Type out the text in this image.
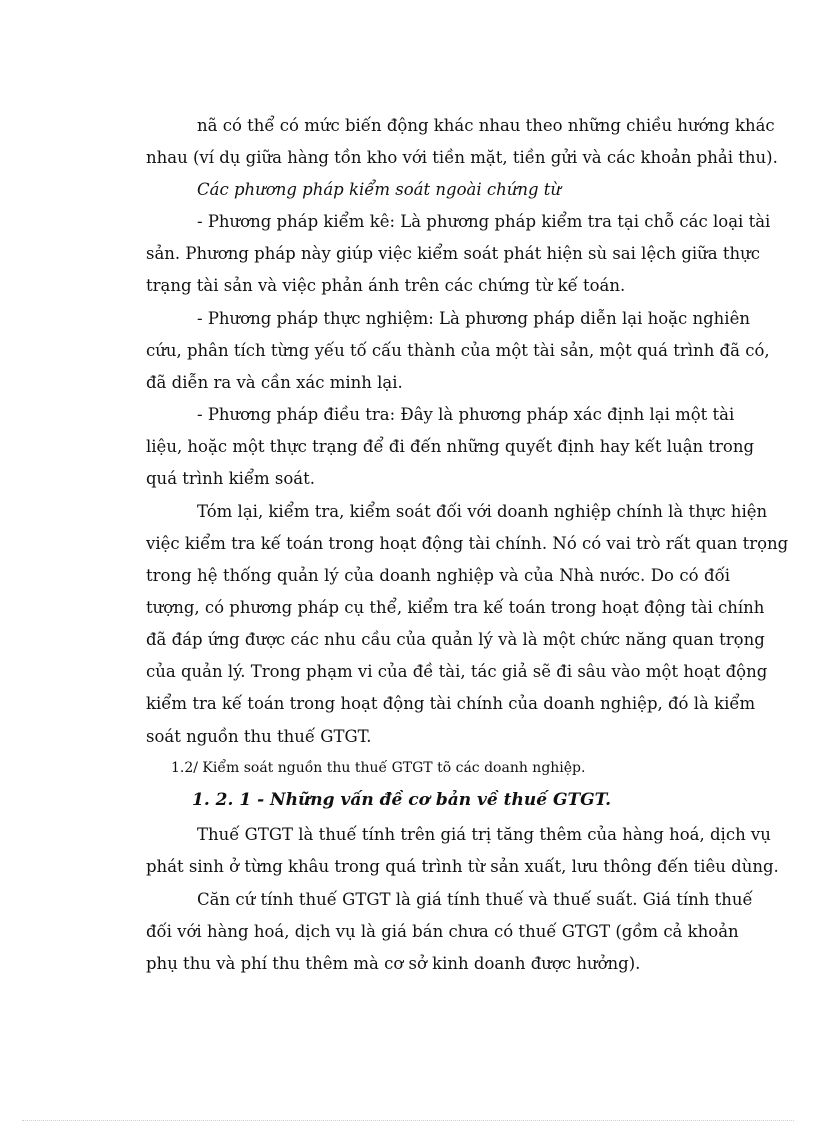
nã có thể có mức biến động khác nhau theo những chiều hướng khác
nhau (ví dụ giữa hàng tồn kho với tiền mặt, tiền gửi và các khoản phải thu).
Các phương pháp kiểm soát ngoài chứng từ
- Phương pháp kiểm kê: Là phương pháp kiểm tra tại chỗ các loại tài
sản. Phương pháp này giúp việc kiểm soát phát hiện sù sai lệch giữa thực
trạng tài sản và việc phản ánh trên các chứng từ kế toán.
- Phương pháp thực nghiệm: Là phương pháp diễn lại hoặc nghiên
cứu, phân tích từng yếu tố cấu thành của một tài sản, một quá trình đã có,
đã diễn ra và cần xác minh lại.
- Phương pháp điều tra: Đây là phương pháp xác định lại một tài
liệu, hoặc một thực trạng để đi đến những quyết định hay kết luận trong
quá trình kiểm soát.
Tóm lại, kiểm tra, kiểm soát đối với doanh nghiệp chính là thực hiện
việc kiểm tra kế toán trong hoạt động tài chính. Nó có vai trò rất quan trọng
trong hệ thống quản lý của doanh nghiệp và của Nhà nước. Do có đối
tượng, có phương pháp cụ thể, kiểm tra kế toán trong hoạt động tài chính
đã đáp ứng được các nhu cầu của quản lý và là một chức năng quan trọng
của quản lý. Trong phạm vi của đề tài, tác giả sẽ đi sâu vào một hoạt động
kiểm tra kế toán trong hoạt động tài chính của doanh nghiệp, đó là kiểm
soát nguồn thu thuế GTGT.
1.2/ Kiểm soát nguồn thu thuế GTGT tõ các doanh nghiệp.
1. 2. 1 - Những vấn đề cơ bản về thuế GTGT.
Thuế GTGT là thuế tính trên giá trị tăng thêm của hàng hoá, dịch vụ
phát sinh ở từng khâu trong quá trình từ sản xuất, lưu thông đến tiêu dùng.
Căn cứ tính thuế GTGT là giá tính thuế và thuế suất. Giá tính thuế
đối với hàng hoá, dịch vụ là giá bán chưa có thuế GTGT (gồm cả khoản
phụ thu và phí thu thêm mà cơ sở kinh doanh được hưởng).
